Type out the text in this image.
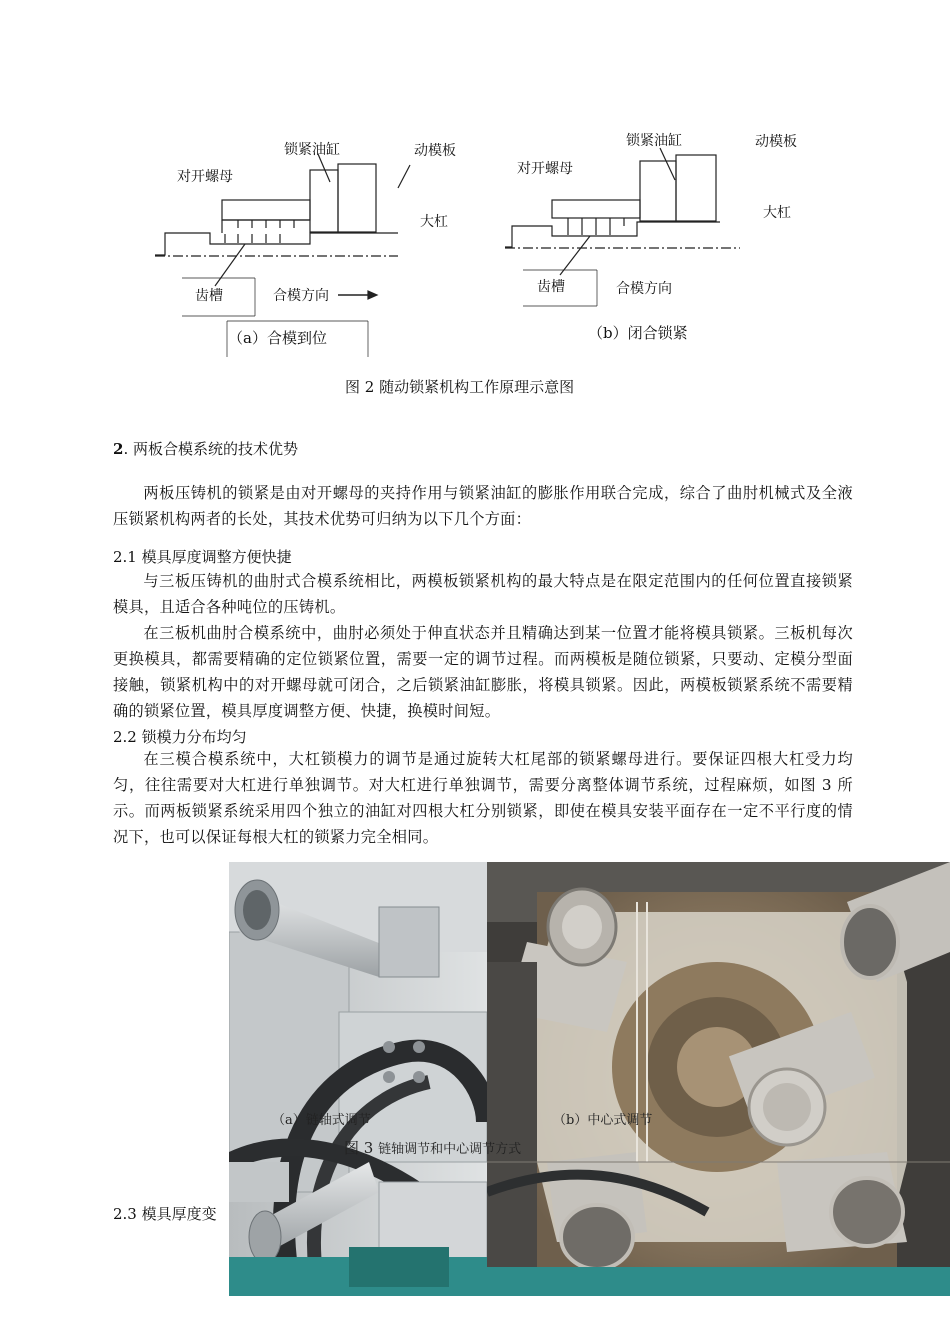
对开螺母
锁紧油缸	动模板
大杠
齿槽	合模方向
（a）合模到位
对开螺母
锁紧油缸	动模板
大杠
齿槽	合模方向
（b）闭合锁紧
图 2 随动锁紧机构工作原理示意图
2. 两板合模系统的技术优势
两板压铸机的锁紧是由对开螺母的夹持作用与锁紧油缸的膨胀作用联合完成，综合了曲肘机械式及全液压锁紧机构两者的长处，其技术优势可归纳为以下几个方面：
2.1 模具厚度调整方便快捷
与三板压铸机的曲肘式合模系统相比，两模板锁紧机构的最大特点是在限定范围内的任何位置直接锁紧模具，且适合各种吨位的压铸机。
在三板机曲肘合模系统中，曲肘必须处于伸直状态并且精确达到某一位置才能将模具锁紧。三板机每次更换模具，都需要精确的定位锁紧位置，需要一定的调节过程。而两模板是随位锁紧，只要动、定模分型面接触，锁紧机构中的对开螺母就可闭合，之后锁紧油缸膨胀，将模具锁紧。因此，两模板锁紧系统不需要精确的锁紧位置，模具厚度调整方便、快捷，换模时间短。
2.2 锁模力分布均匀
在三模合模系统中，大杠锁模力的调节是通过旋转大杠尾部的锁紧螺母进行。要保证四根大杠受力均匀，往往需要对大杠进行单独调节。对大杠进行单独调节，需要分离整体调节系统，过程麻烦，如图 3 所示。而两板锁紧系统采用四个独立的油缸对四根大杠分别锁紧，即使在模具安装平面存在一定不平行度的情况下，也可以保证每根大杠的锁紧力完全相同。
2.3 模具厚度变
（a）链轴式调节	（b）中心式调节
图 3 链轴调节和中心调节方式
